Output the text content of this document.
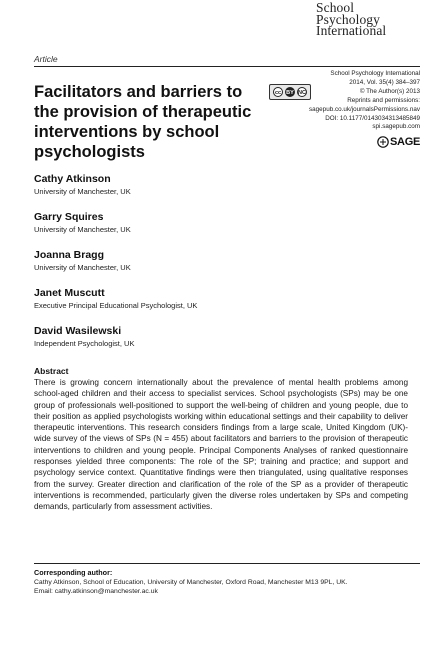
School
Psychology
International
Article
Facilitators and barriers to the provision of therapeutic interventions by school psychologists
cc BY NC
School Psychology International
2014, Vol. 35(4) 384–397
© The Author(s) 2013
Reprints and permissions:
sagepub.co.uk/journalsPermissions.nav
DOI: 10.1177/0143034313485849
spi.sagepub.com
SAGE
Cathy Atkinson
University of Manchester, UK
Garry Squires
University of Manchester, UK
Joanna Bragg
University of Manchester, UK
Janet Muscutt
Executive Principal Educational Psychologist, UK
David Wasilewski
Independent Psychologist, UK
Abstract
There is growing concern internationally about the prevalence of mental health problems among school-aged children and their access to specialist services. School psychologists (SPs) may be one group of professionals well-positioned to support the well-being of children and young people, due to their position as applied psychologists working within educational settings and their capability to deliver therapeutic interventions. This research considers findings from a large scale, United Kingdom (UK)-wide survey of the views of SPs (N = 455) about facilitators and barriers to the provision of therapeutic interventions to children and young people. Principal Components Analyses of ranked questionnaire responses yielded three components: The role of the SP; training and practice; and support and psychology service context. Quantitative findings were then triangulated, using qualitative responses from the survey. Greater direction and clarification of the role of the SP as a provider of therapeutic interventions is recommended, particularly given the diverse roles undertaken by SPs and competing demands, particularly from assessment activities.
Corresponding author:
Cathy Atkinson, School of Education, University of Manchester, Oxford Road, Manchester M13 9PL, UK.
Email: cathy.atkinson@manchester.ac.uk
